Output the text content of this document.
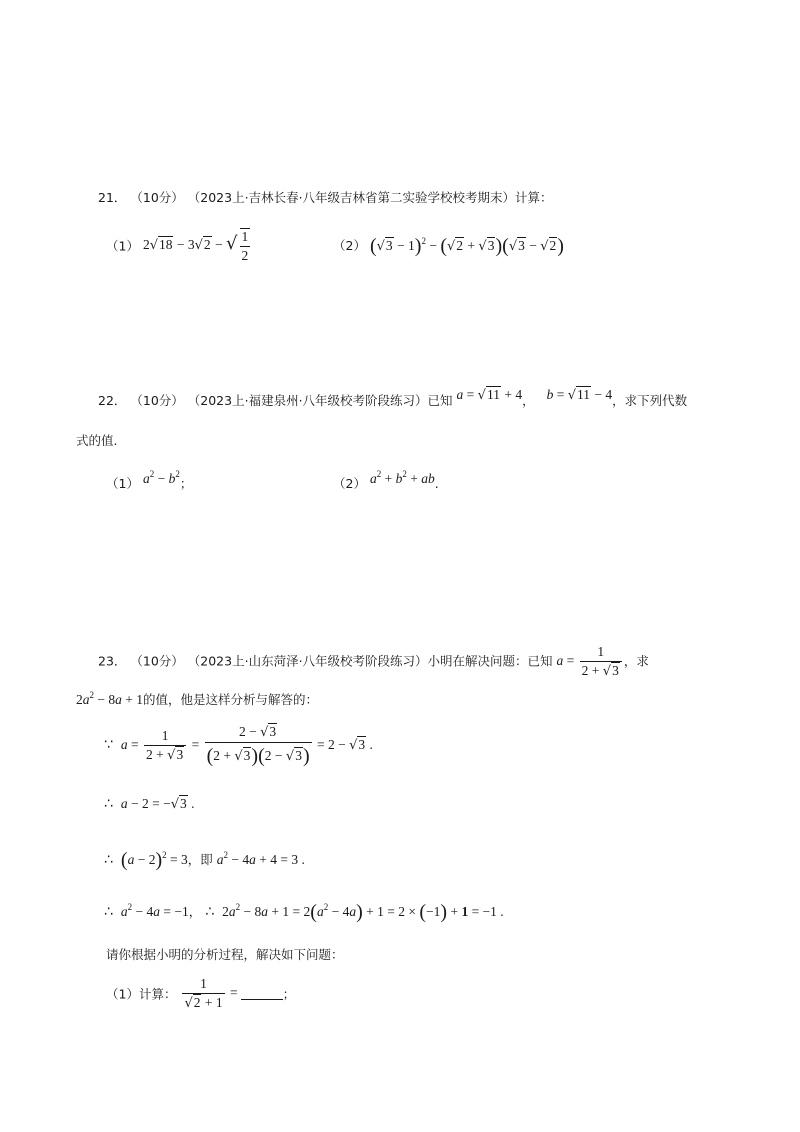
21． （10分） （2023上·吉林长春·八年级吉林省第二实验学校校考期末）计算：
（1） 2√18 − 3√2 − √ $\frac{1}{2}$	（2） $(√3 - 1)^2 - (√2 + √3)(√3 - √2)$
22． （10分） （2023上·福建泉州·八年级校考阶段练习）已知 a = √11 + 4， b = √11 − 4，求下列代数
式的值.
（1） $a^2 - b^2$；	（2） $a^2 + b^2$ + ab.
23． （10分） （2023上·山东菏泽·八年级校考阶段练习）小明在解决问题：已知 $a = \frac{1}{2 + √3}$ ，求
$2a^2 - 8a + 1$的值，他是这样分析与解答的：
∵ $a = \frac{1}{2 + √3} = \frac{2 - √3}{(2 + √3)(2 - √3)} = 2 - √3$ .
∴ a − 2 = −√3 .
∴ $(a - 2)^2 = 3$，即 $a^2 - 4a + 4 = 3$ .
∴ $a^2 - 4a = -1$， ∴ $2a^2 - 8a + 1 = 2(a^2 - 4a) + 1 = 2 \times (-1) + 1 = -1$ .
请你根据小明的分析过程，解决如下问题：
（1）计算： $\frac{1}{√2 + 1}$ =	；
